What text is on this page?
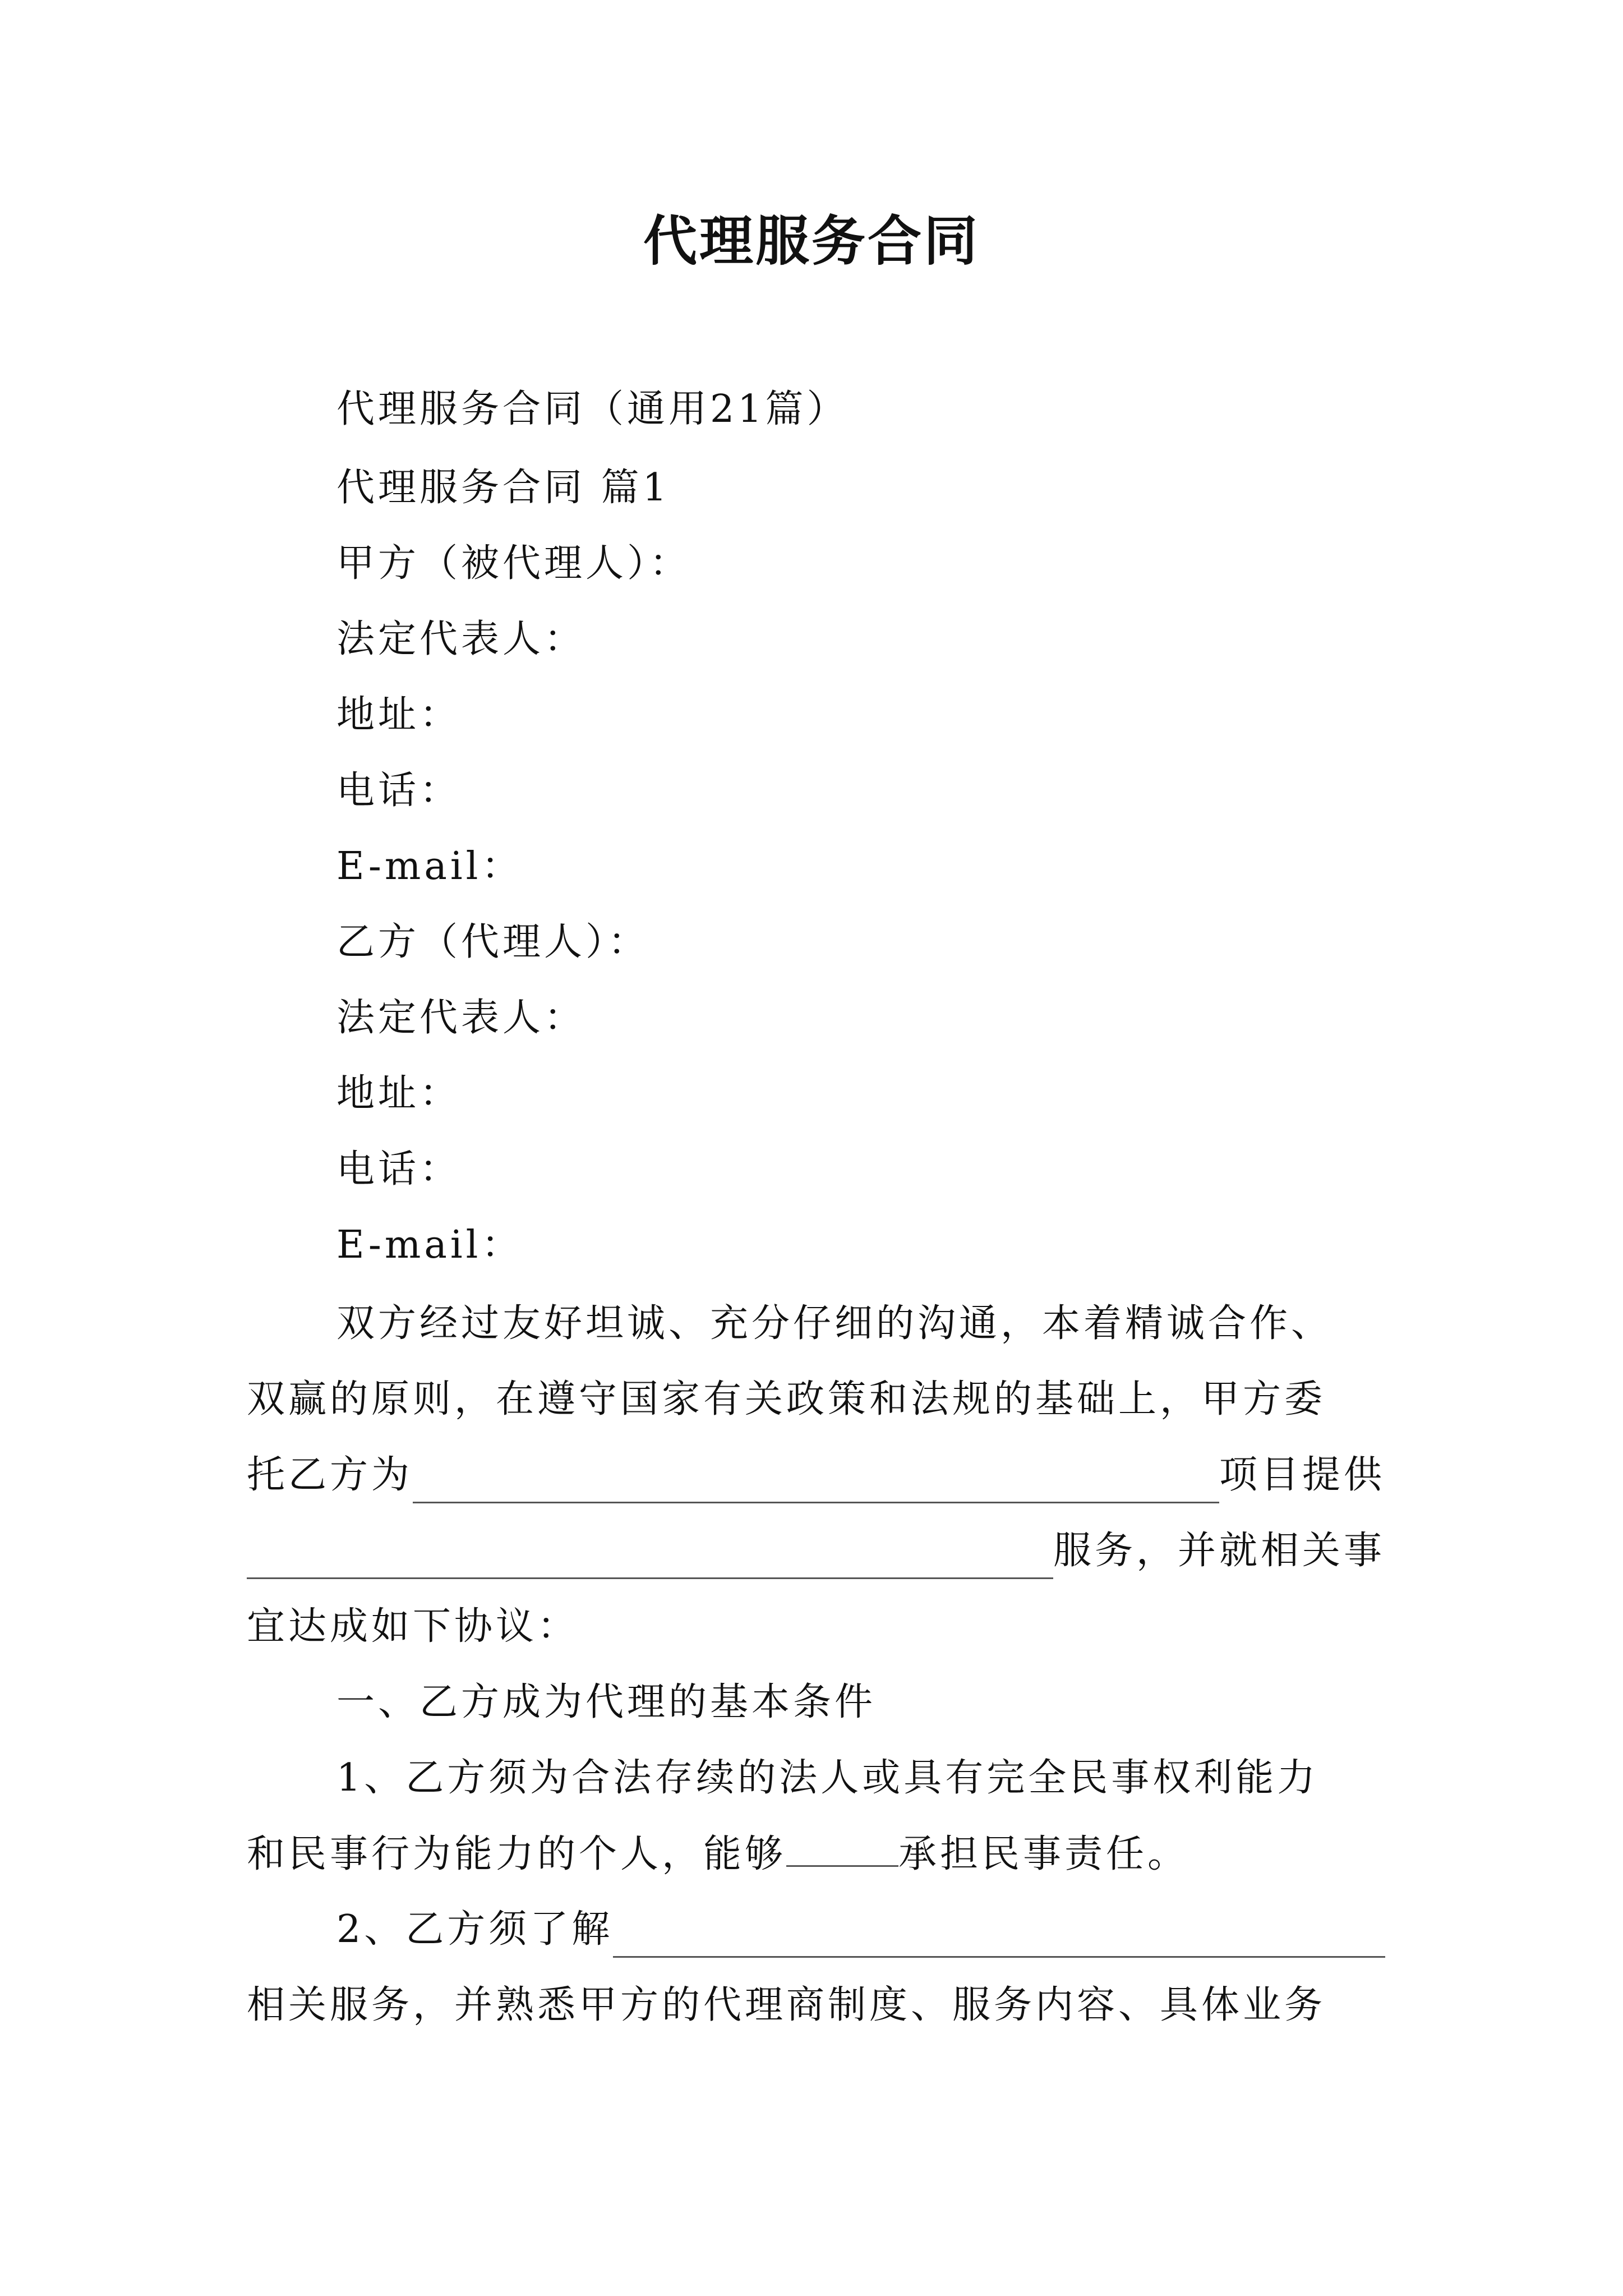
代理服务合同
代理服务合同（通用21篇）
代理服务合同 篇1
甲方（被代理人）：
法定代表人：
地址：
电话：
E-mail：
乙方（代理人）：
法定代表人：
地址：
电话：
E-mail：
双方经过友好坦诚、充分仔细的沟通，本着精诚合作、
双赢的原则，在遵守国家有关政策和法规的基础上，甲方委
托乙方为	项目提供
服务，并就相关事
宜达成如下协议：
一、乙方成为代理的基本条件
1、乙方须为合法存续的法人或具有完全民事权利能力
和民事行为能力的个人，能够	承担民事责任。
2、乙方须了解
相关服务，并熟悉甲方的代理商制度、服务内容、具体业务
